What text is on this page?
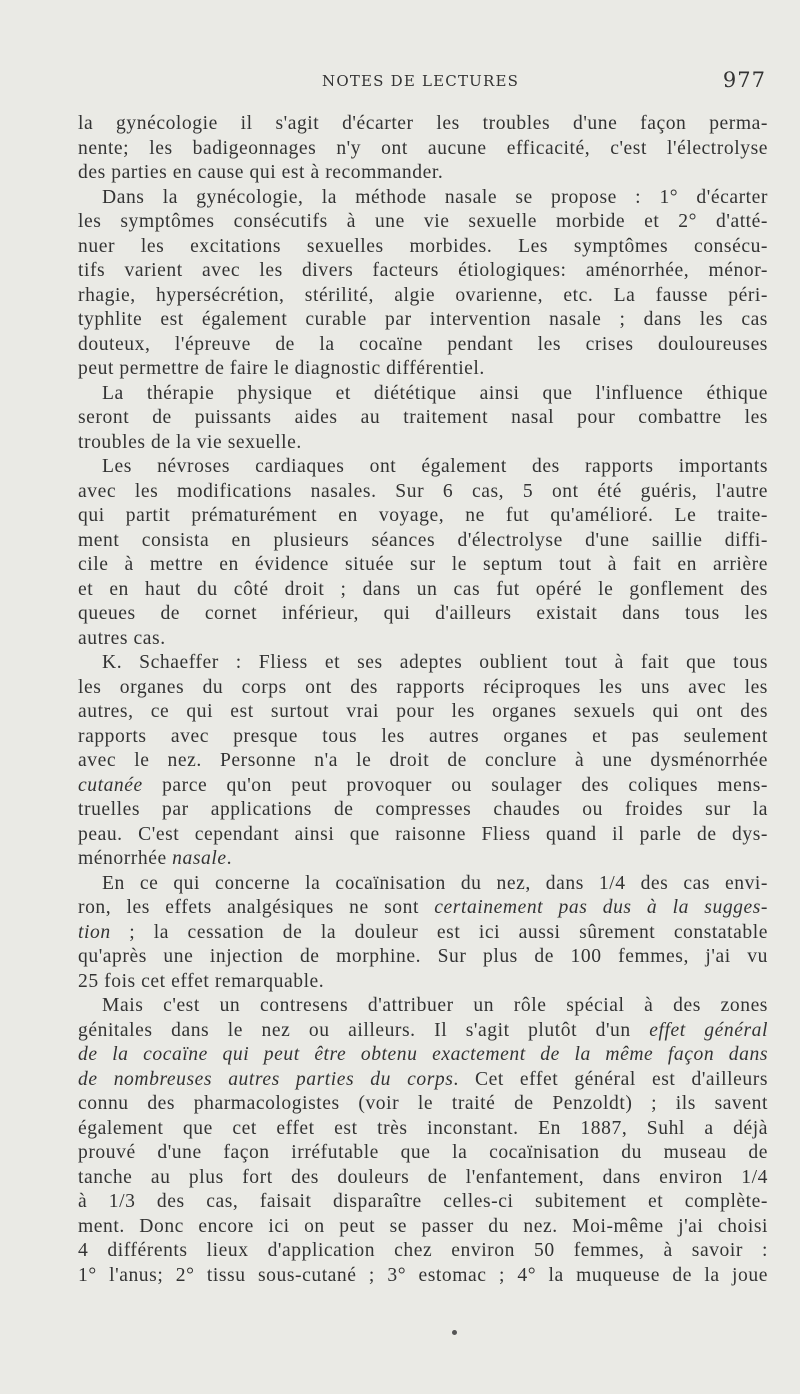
NOTES DE LECTURES	977

la gynécologie il s'agit d'écarter les troubles d'une façon perma-
nente; les badigeonnages n'y ont aucune efficacité, c'est l'électrolyse
des parties en cause qui est à recommander.

Dans la gynécologie, la méthode nasale se propose : 1° d'écarter
les symptômes consécutifs à une vie sexuelle morbide et 2° d'atté-
nuer les excitations sexuelles morbides. Les symptômes consécu-
tifs varient avec les divers facteurs étiologiques: aménorrhée, ménor-
rhagie, hypersécrétion, stérilité, algie ovarienne, etc. La fausse péri-
typhlite est également curable par intervention nasale ; dans les cas
douteux, l'épreuve de la cocaïne pendant les crises douloureuses
peut permettre de faire le diagnostic différentiel.

La thérapie physique et diététique ainsi que l'influence éthique
seront de puissants aides au traitement nasal pour combattre les
troubles de la vie sexuelle.

Les névroses cardiaques ont également des rapports importants
avec les modifications nasales. Sur 6 cas, 5 ont été guéris, l'autre
qui partit prématurément en voyage, ne fut qu'amélioré. Le traite-
ment consista en plusieurs séances d'électrolyse d'une saillie diffi-
cile à mettre en évidence située sur le septum tout à fait en arrière
et en haut du côté droit ; dans un cas fut opéré le gonflement des
queues de cornet inférieur, qui d'ailleurs existait dans tous les
autres cas.

K. Schaeffer : Fliess et ses adeptes oublient tout à fait que tous
les organes du corps ont des rapports réciproques les uns avec les
autres, ce qui est surtout vrai pour les organes sexuels qui ont des
rapports avec presque tous les autres organes et pas seulement
avec le nez. Personne n'a le droit de conclure à une dysménorrhée
cutanée parce qu'on peut provoquer ou soulager des coliques mens-
truelles par applications de compresses chaudes ou froides sur la
peau. C'est cependant ainsi que raisonne Fliess quand il parle de dys-
ménorrhée nasale.

En ce qui concerne la cocaïnisation du nez, dans 1/4 des cas envi-
ron, les effets analgésiques ne sont certainement pas dus à la sugges-
tion ; la cessation de la douleur est ici aussi sûrement constatable
qu'après une injection de morphine. Sur plus de 100 femmes, j'ai vu
25 fois cet effet remarquable.

Mais c'est un contresens d'attribuer un rôle spécial à des zones
génitales dans le nez ou ailleurs. Il s'agit plutôt d'un effet général
de la cocaïne qui peut être obtenu exactement de la même façon dans
de nombreuses autres parties du corps. Cet effet général est d'ailleurs
connu des pharmacologistes (voir le traité de Penzoldt) ; ils savent
également que cet effet est très inconstant. En 1887, Suhl a déjà
prouvé d'une façon irréfutable que la cocaïnisation du museau de
tanche au plus fort des douleurs de l'enfantement, dans environ 1/4
à 1/3 des cas, faisait disparaître celles-ci subitement et complète-
ment. Donc encore ici on peut se passer du nez. Moi-même j'ai choisi
4 différents lieux d'application chez environ 50 femmes, à savoir :
1° l'anus; 2° tissu sous-cutané ; 3° estomac ; 4° la muqueuse de la joue
